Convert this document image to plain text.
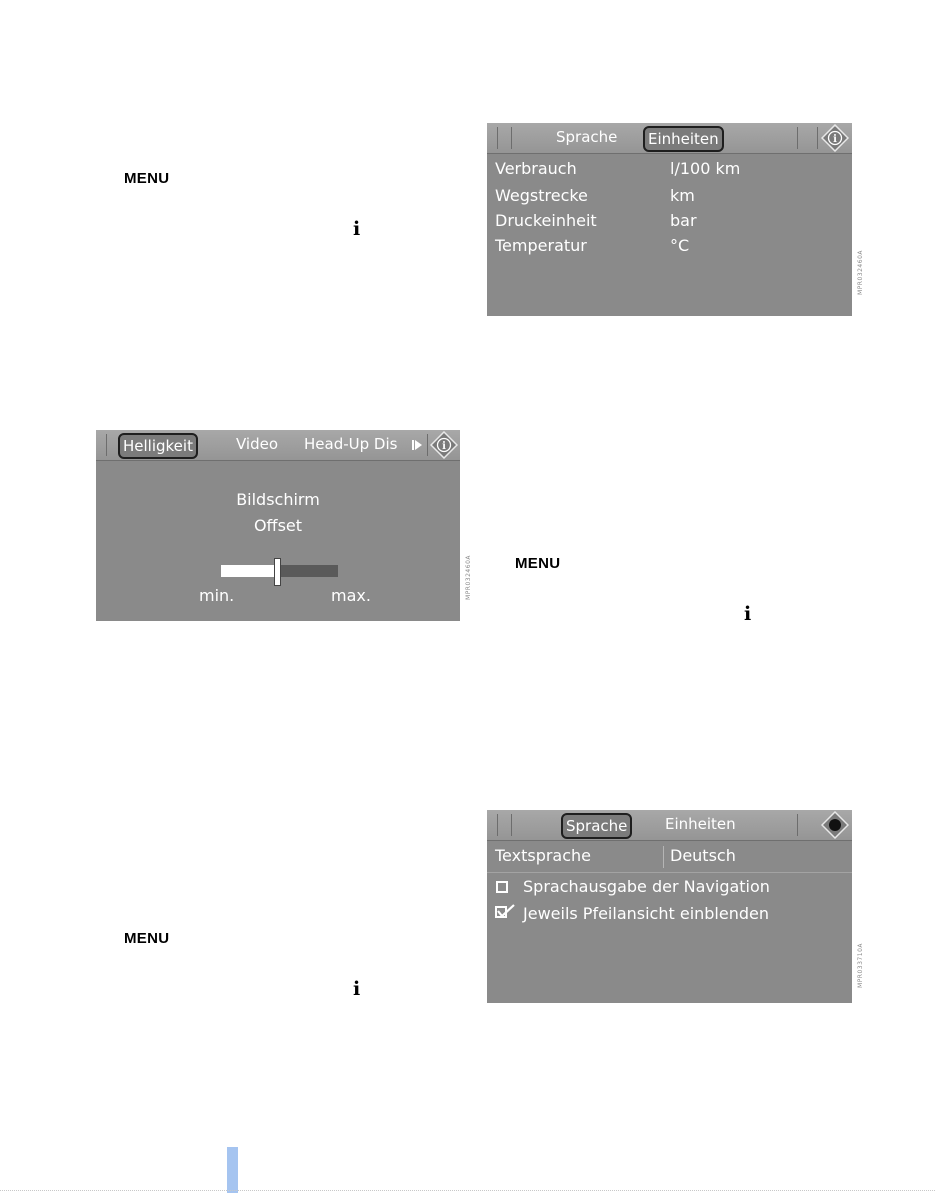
MENU
i
MENU
i
MENU
i
Sprache	Einheiten	i
Verbrauch	l/100 km
Wegstrecke	km
Druckeinheit	bar
Temperatur	°C
MPR032460A
Helligkeit	Video Head-Up Dis	i
Bildschirm
Offset
min.	max.	MPR032460A
Sprache	Einheiten
Textsprache	Deutsch
Sprachausgabe der Navigation
Jeweils Pfeilansicht einblenden
MPR033710A
